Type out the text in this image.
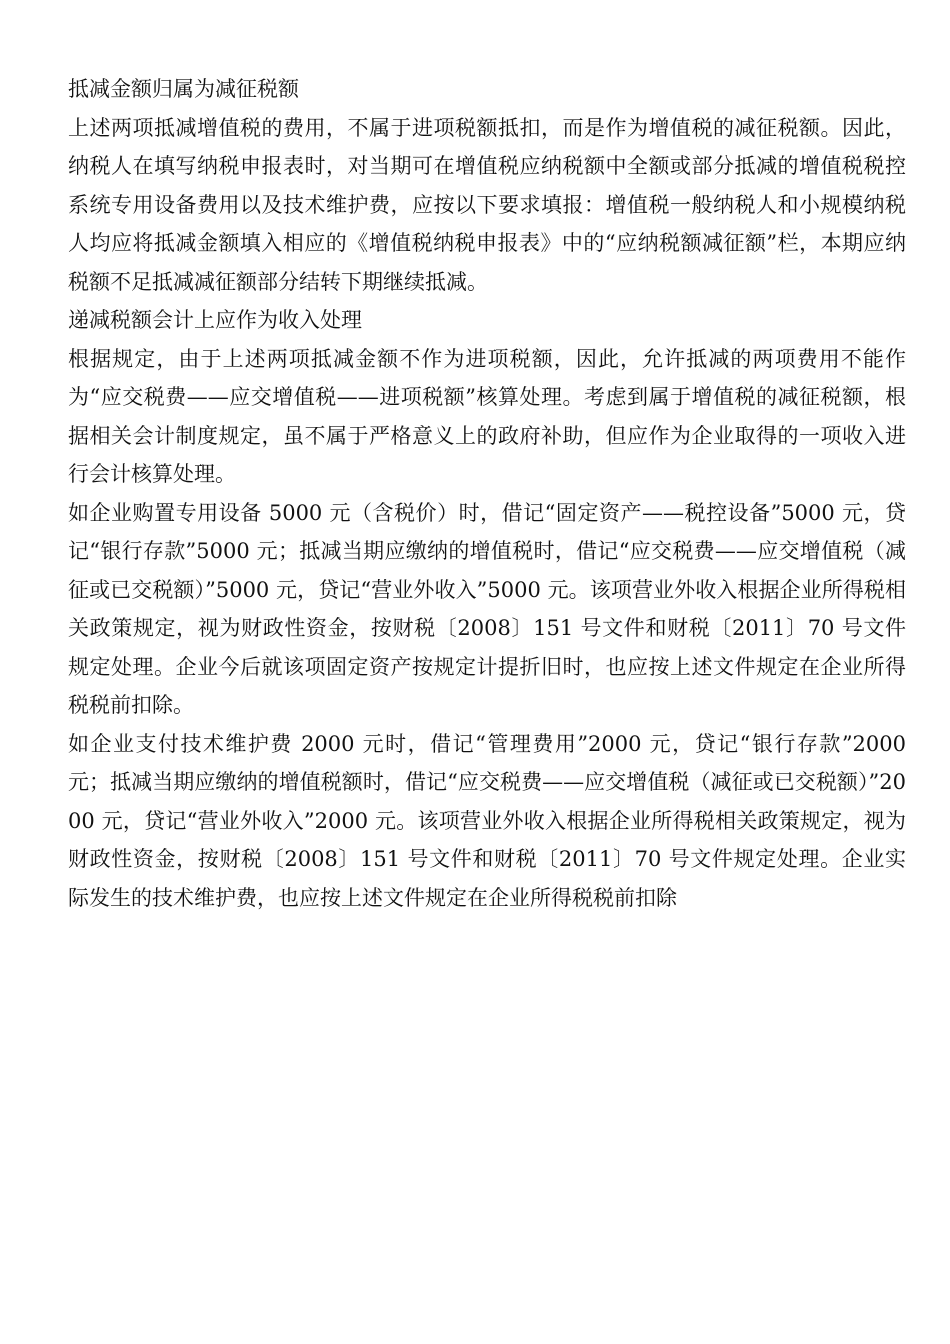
抵减金额归属为减征税额

上述两项抵减增值税的费用，不属于进项税额抵扣，而是作为增值税的减征税额。因此，纳税人在填写纳税申报表时，对当期可在增值税应纳税额中全额或部分抵减的增值税税控系统专用设备费用以及技术维护费，应按以下要求填报：增值税一般纳税人和小规模纳税人均应将抵减金额填入相应的《增值税纳税申报表》中的“应纳税额减征额”栏，本期应纳税额不足抵减减征额部分结转下期继续抵减。

递减税额会计上应作为收入处理

根据规定，由于上述两项抵减金额不作为进项税额，因此，允许抵减的两项费用不能作为“应交税费——应交增值税——进项税额”核算处理。考虑到属于增值税的减征税额，根据相关会计制度规定，虽不属于严格意义上的政府补助，但应作为企业取得的一项收入进行会计核算处理。

如企业购置专用设备 5000 元（含税价）时，借记“固定资产——税控设备”5000 元，贷记“银行存款”5000 元；抵减当期应缴纳的增值税时，借记“应交税费——应交增值税（减征或已交税额）”5000 元，贷记“营业外收入”5000 元。该项营业外收入根据企业所得税相关政策规定，视为财政性资金，按财税〔2008〕151 号文件和财税〔2011〕70 号文件规定处理。企业今后就该项固定资产按规定计提折旧时，也应按上述文件规定在企业所得税税前扣除。

如企业支付技术维护费 2000 元时，借记“管理费用”2000 元，贷记“银行存款”2000 元；抵减当期应缴纳的增值税额时，借记“应交税费——应交增值税（减征或已交税额）”2000 元，贷记“营业外收入”2000 元。该项营业外收入根据企业所得税相关政策规定，视为财政性资金，按财税〔2008〕151 号文件和财税〔2011〕70 号文件规定处理。企业实际发生的技术维护费，也应按上述文件规定在企业所得税税前扣除
